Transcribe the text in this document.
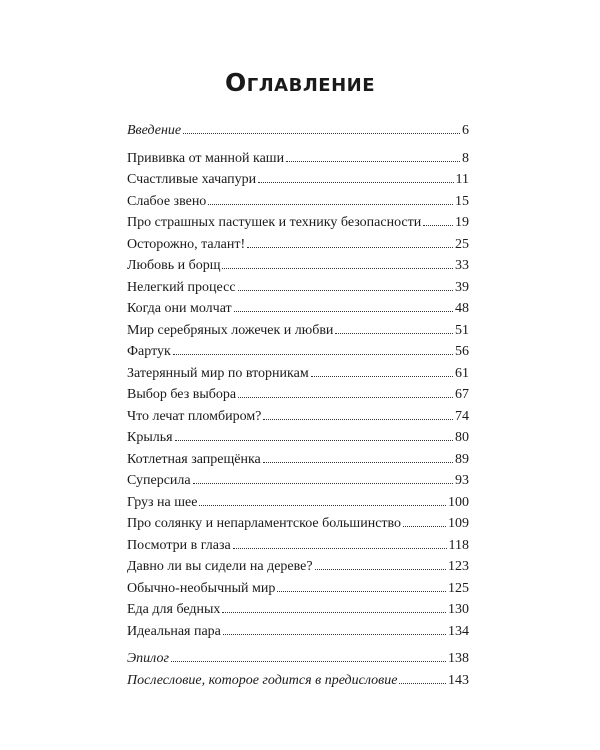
Оглавление
Введение	6
Прививка от манной каши	8
Счастливые хачапури	11
Слабое звено	15
Про страшных пастушек и технику безопасности 19
Осторожно, талант!	25
Любовь и борщ	33
Нелегкий процесс	39
Когда они молчат	48
Мир серебряных ложечек и любви	51
Фартук	56
Затерянный мир по вторникам	61
Выбор без выбора	67
Что лечат пломбиром?	74
Крылья	80
Котлетная запрещёнка	89
Суперсила	93
Груз на шее	100
Про солянку и непарламентское большинство	109
Посмотри в глаза	118
Давно ли вы сидели на дереве?	123
Обычно-необычный мир	125
Еда для бедных	130
Идеальная пара	134
Эпилог	138
Послесловие, которое годится в предисловие	143
